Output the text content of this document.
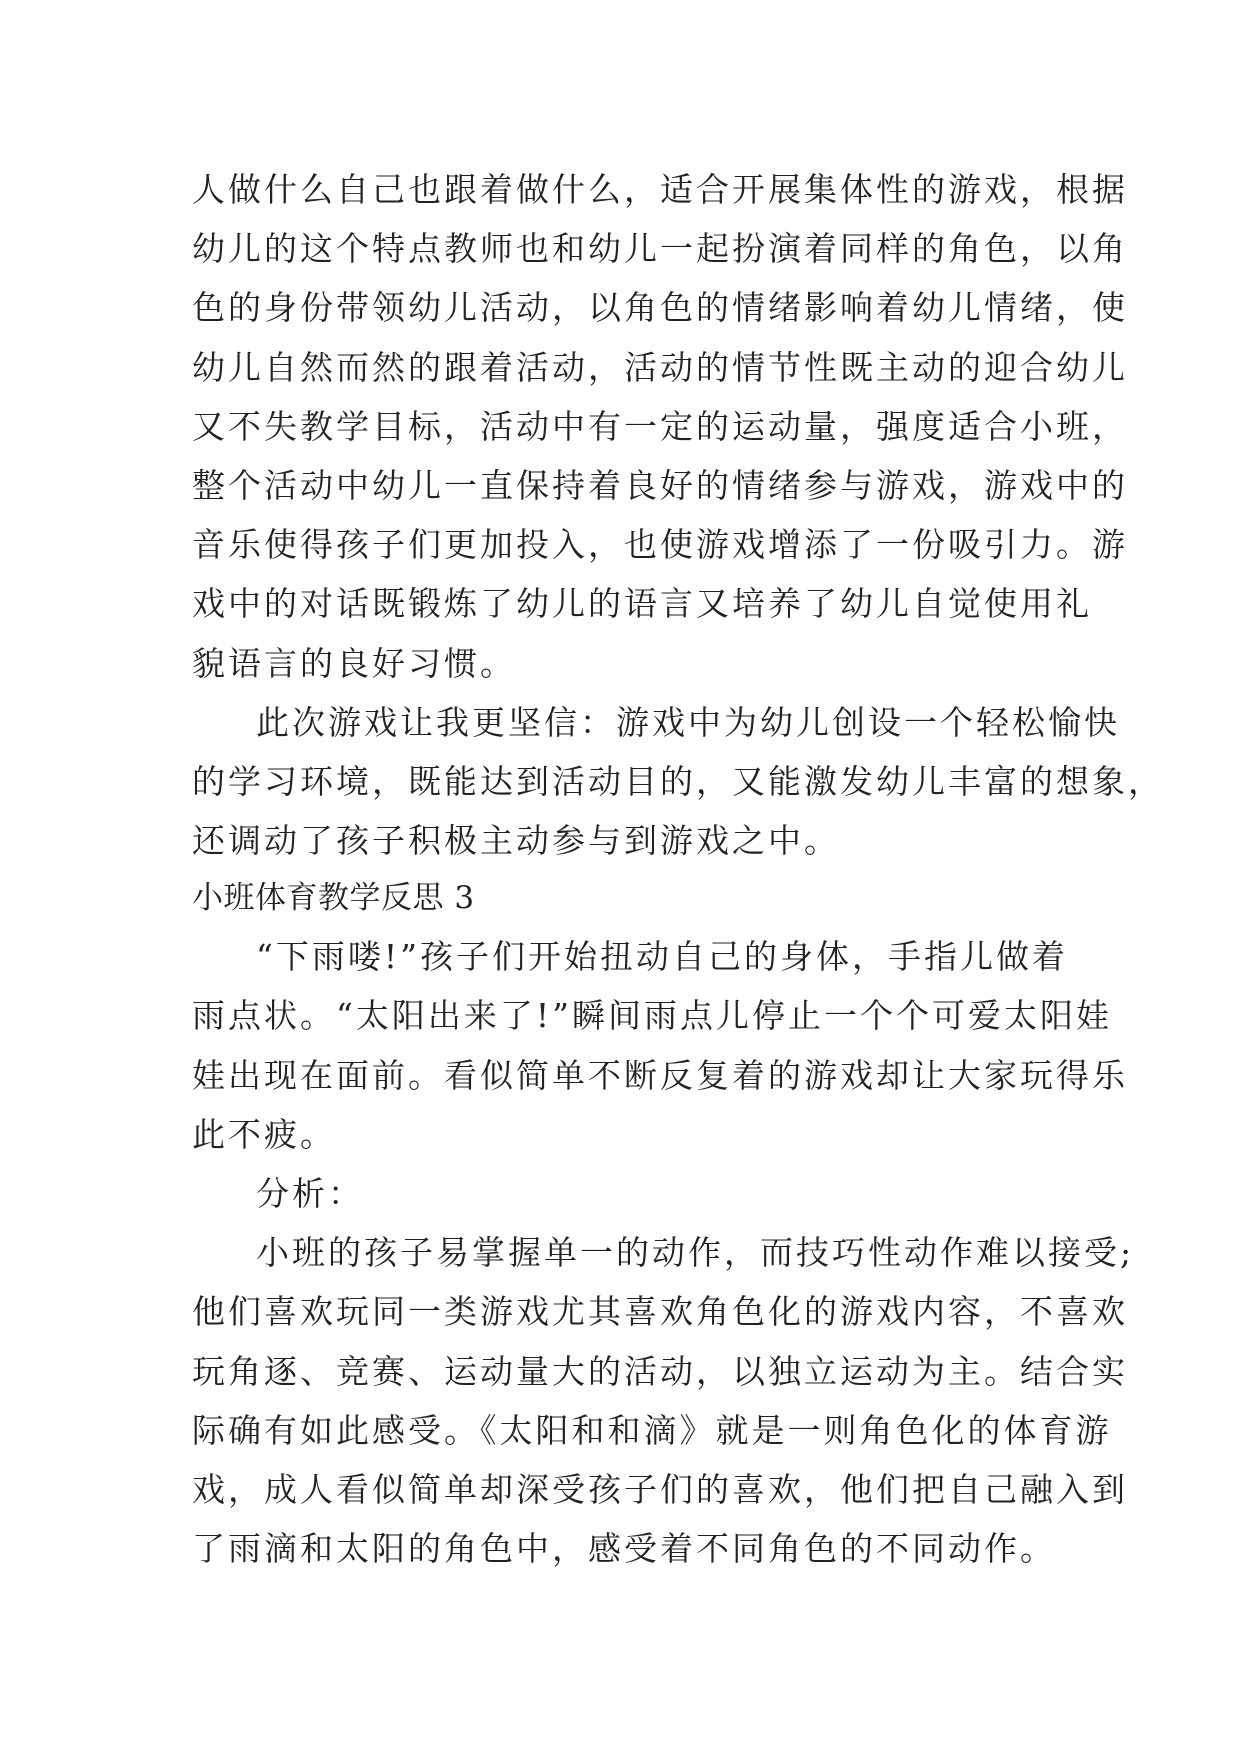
人做什么自己也跟着做什么，适合开展集体性的游戏，根据
幼儿的这个特点教师也和幼儿一起扮演着同样的角色，以角
色的身份带领幼儿活动，以角色的情绪影响着幼儿情绪，使
幼儿自然而然的跟着活动，活动的情节性既主动的迎合幼儿
又不失教学目标，活动中有一定的运动量，强度适合小班，
整个活动中幼儿一直保持着良好的情绪参与游戏，游戏中的
音乐使得孩子们更加投入，也使游戏增添了一份吸引力。游
戏中的对话既锻炼了幼儿的语言又培养了幼儿自觉使用礼
貌语言的良好习惯。
此次游戏让我更坚信：游戏中为幼儿创设一个轻松愉快
的学习环境，既能达到活动目的，又能激发幼儿丰富的想象，
还调动了孩子积极主动参与到游戏之中。
小班体育教学反思 3
“下雨喽!”孩子们开始扭动自己的身体，手指儿做着
雨点状。“太阳出来了!”瞬间雨点儿停止一个个可爱太阳娃
娃出现在面前。看似简单不断反复着的游戏却让大家玩得乐
此不疲。
分析：
小班的孩子易掌握单一的动作，而技巧性动作难以接受;
他们喜欢玩同一类游戏尤其喜欢角色化的游戏内容，不喜欢
玩角逐、竞赛、运动量大的活动，以独立运动为主。结合实
际确有如此感受。《太阳和和滴》就是一则角色化的体育游
戏，成人看似简单却深受孩子们的喜欢，他们把自己融入到
了雨滴和太阳的角色中，感受着不同角色的不同动作。
